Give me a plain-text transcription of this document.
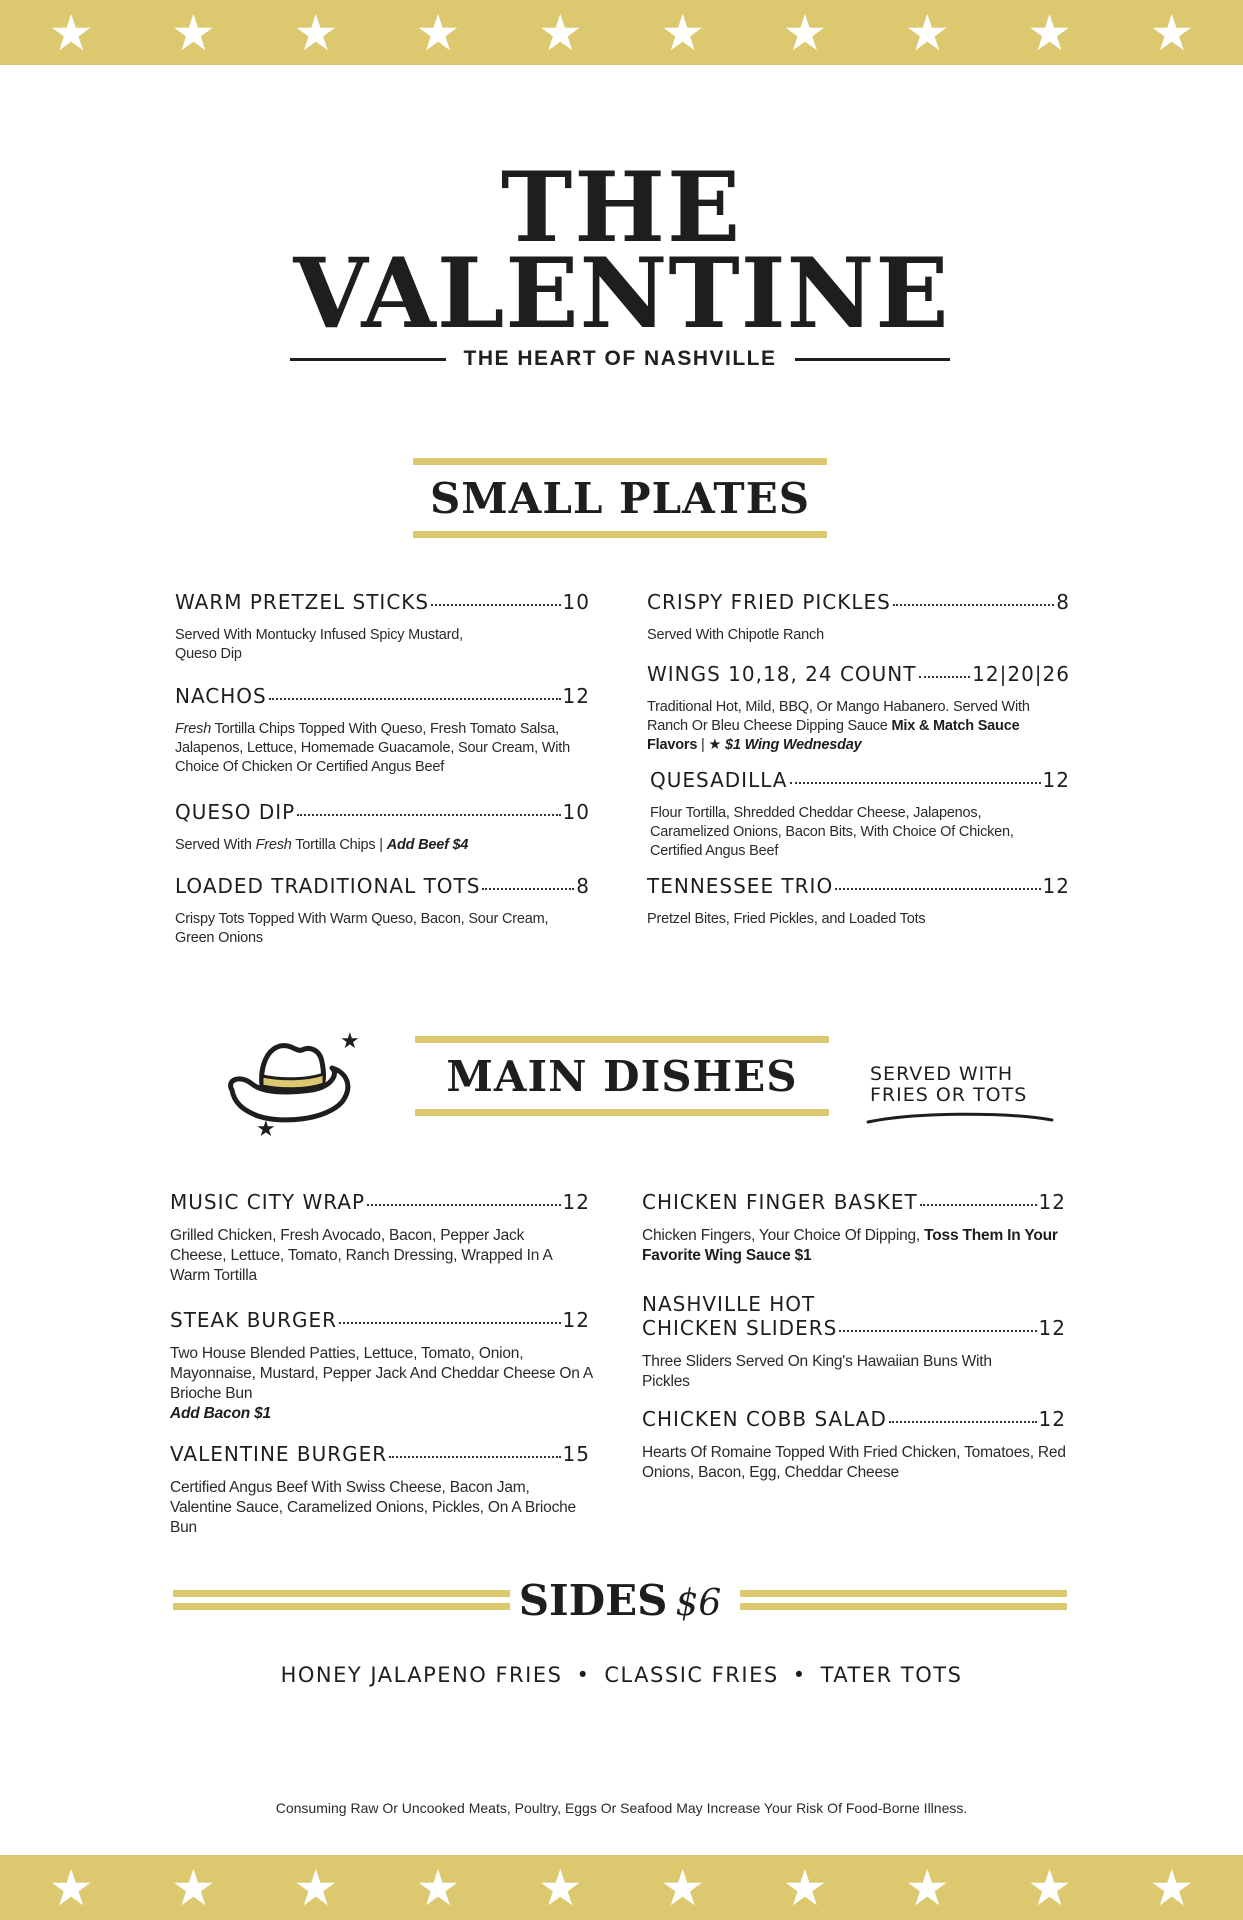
★ ★ ★ ★ ★ ★ ★ ★ ★ ★
THE
VALENTINE
THE HEART OF NASHVILLE
SMALL PLATES
WARM PRETZEL STICKS	10
Served With Montucky Infused Spicy Mustard, Queso Dip
NACHOS	12
Fresh Tortilla Chips Topped With Queso, Fresh Tomato Salsa, Jalapenos, Lettuce, Homemade Guacamole, Sour Cream, With Choice Of Chicken Or Certified Angus Beef
QUESO DIP	10
Served With Fresh Tortilla Chips | Add Beef $4
LOADED TRADITIONAL TOTS	8
Crispy Tots Topped With Warm Queso, Bacon, Sour Cream, Green Onions
CRISPY FRIED PICKLES	8
Served With Chipotle Ranch
WINGS 10,18, 24 COUNT	12|20|26
Traditional Hot, Mild, BBQ, Or Mango Habanero. Served With Ranch Or Bleu Cheese Dipping Sauce Mix & Match Sauce Flavors | ★ $1 Wing Wednesday
QUESADILLA	12
Flour Tortilla, Shredded Cheddar Cheese, Jalapenos, Caramelized Onions, Bacon Bits, With Choice Of Chicken, Certified Angus Beef
TENNESSEE TRIO	12
Pretzel Bites, Fried Pickles, and Loaded Tots
★
★
MAIN DISHES	SERVED WITH
FRIES OR TOTS
MUSIC CITY WRAP	12
Grilled Chicken, Fresh Avocado, Bacon, Pepper Jack Cheese, Lettuce, Tomato, Ranch Dressing, Wrapped In A Warm Tortilla
STEAK BURGER	12
Two House Blended Patties, Lettuce, Tomato, Onion, Mayonnaise, Mustard, Pepper Jack And Cheddar Cheese On A Brioche Bun
Add Bacon $1
VALENTINE BURGER	15
Certified Angus Beef With Swiss Cheese, Bacon Jam, Valentine Sauce, Caramelized Onions, Pickles, On A Brioche Bun
CHICKEN FINGER BASKET	12
Chicken Fingers, Your Choice Of Dipping, Toss Them In Your Favorite Wing Sauce $1
NASHVILLE HOT
CHICKEN SLIDERS	12
Three Sliders Served On King's Hawaiian Buns With Pickles
CHICKEN COBB SALAD	12
Hearts Of Romaine Topped With Fried Chicken, Tomatoes, Red Onions, Bacon, Egg, Cheddar Cheese
SIDES $6
HONEY JALAPENO FRIES • CLASSIC FRIES • TATER TOTS
Consuming Raw Or Uncooked Meats, Poultry, Eggs Or Seafood May Increase Your Risk Of Food-Borne Illness.
★ ★ ★ ★ ★ ★ ★ ★ ★ ★
